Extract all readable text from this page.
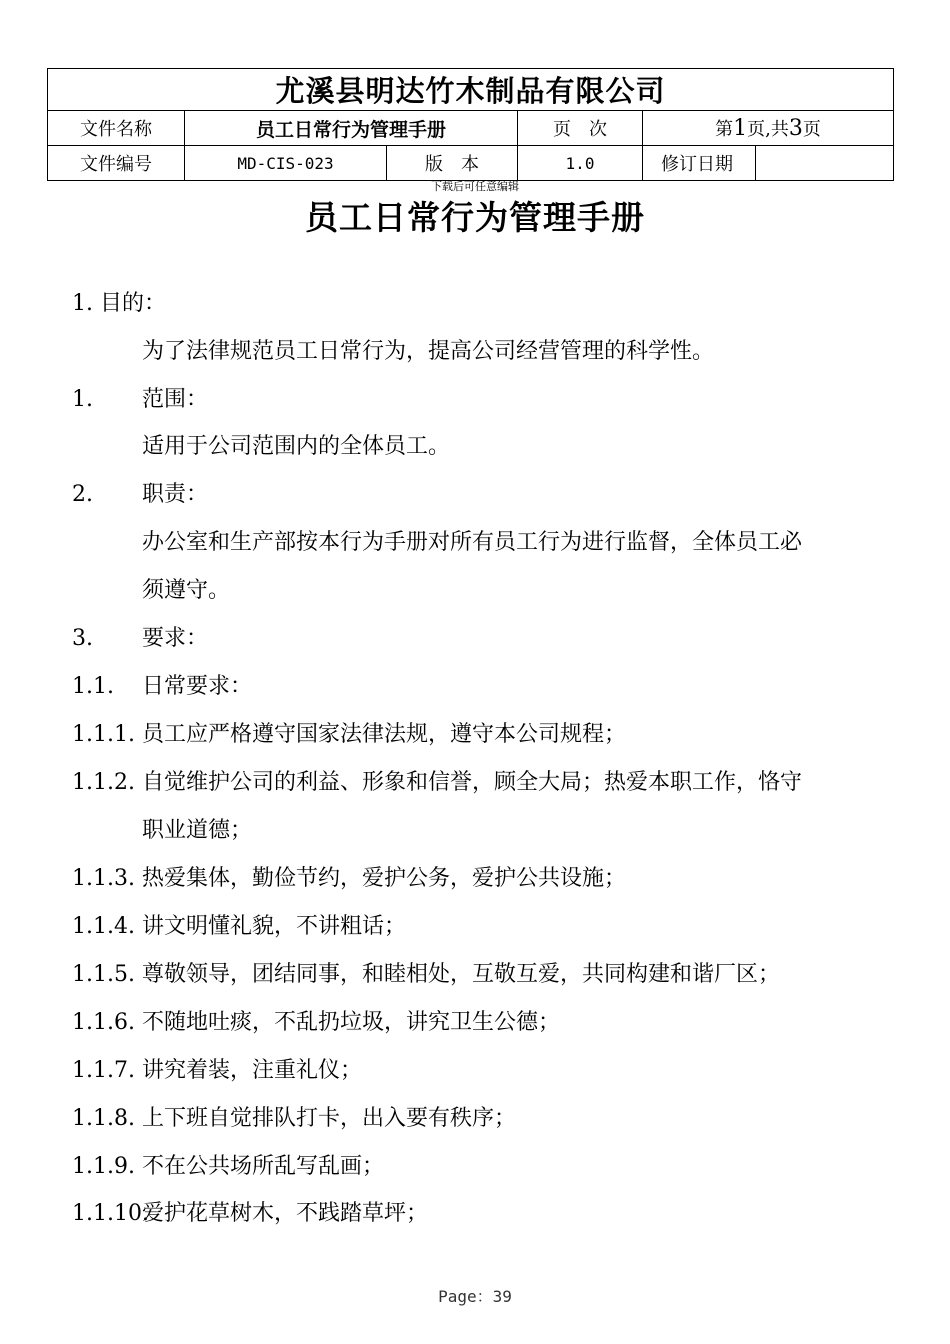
尤溪县明达竹木制品有限公司					
文件名称	员工日常行为管理手册		页　次	第1页,共3页	
文件编号	MD-CIS-023	版　本	1.0	修订日期	
下载后可任意编辑
员工日常行为管理手册
1. 目的：
为了法律规范员工日常行为，提高公司经营管理的科学性。
1. 范围：
适用于公司范围内的全体员工。
2. 职责：
办公室和生产部按本行为手册对所有员工行为进行监督，全体员工必
须遵守。
3. 要求：
1.1. 日常要求：
1.1.1. 员工应严格遵守国家法律法规，遵守本公司规程；
1.1.2. 自觉维护公司的利益、形象和信誉，顾全大局；热爱本职工作，恪守
职业道德；
1.1.3. 热爱集体，勤俭节约，爱护公务，爱护公共设施；
1.1.4. 讲文明懂礼貌，不讲粗话；
1.1.5. 尊敬领导，团结同事，和睦相处，互敬互爱，共同构建和谐厂区；
1.1.6. 不随地吐痰，不乱扔垃圾，讲究卫生公德；
1.1.7. 讲究着装，注重礼仪；
1.1.8. 上下班自觉排队打卡，出入要有秩序；
1.1.9. 不在公共场所乱写乱画；
1.1.10.
爱护花草树木，不践踏草坪；
Page：39
